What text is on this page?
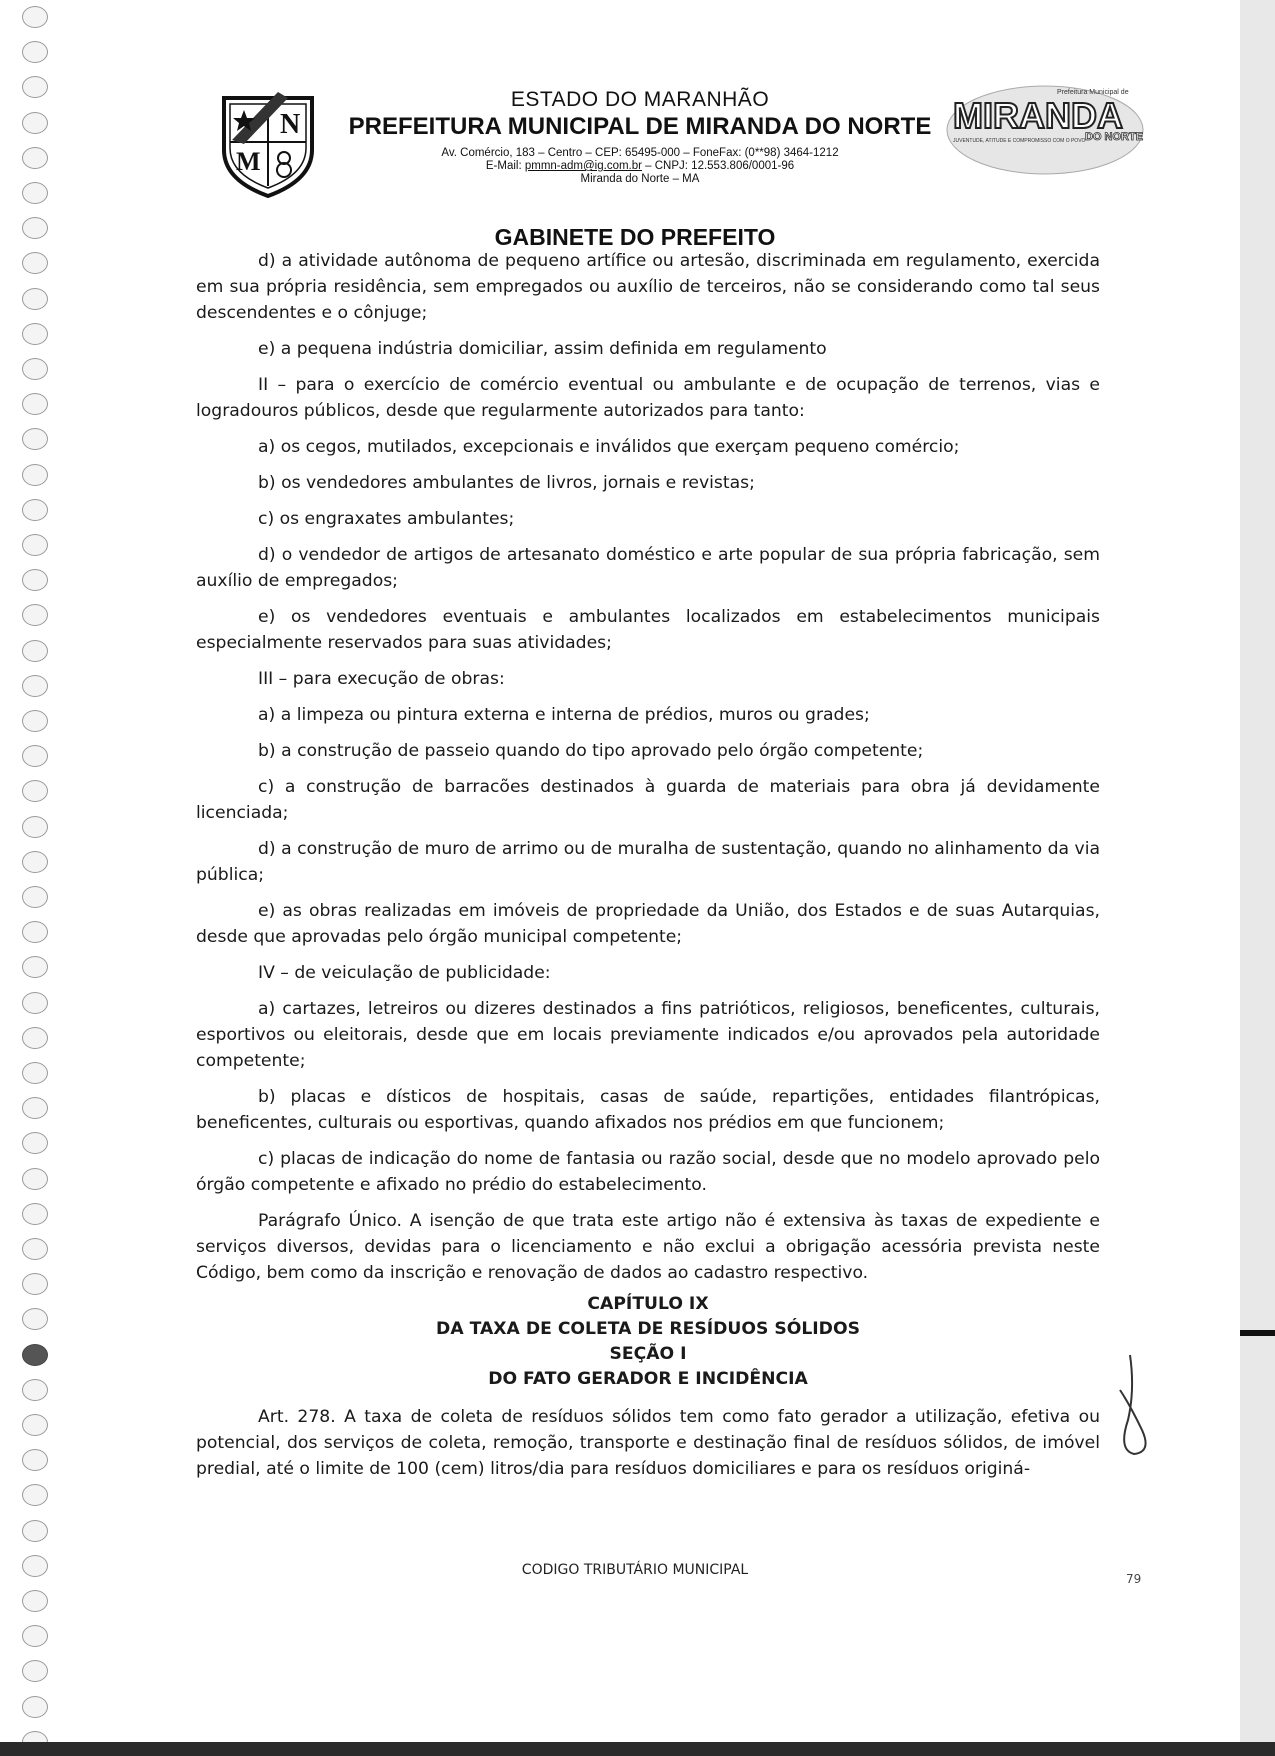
N
M
ESTADO DO MARANHÃO
PREFEITURA MUNICIPAL DE MIRANDA DO NORTE
Av. Comércio, 183 – Centro – CEP: 65495-000 – FoneFax: (0**98) 3464-1212
E-Mail: pmmn-adm@ig.com.br – CNPJ: 12.553.806/0001-96
Miranda do Norte – MA
Prefeitura Municipal de
MIRANDA
DO NORTE
JUVENTUDE, ATITUDE E COMPROMISSO COM O POVO
GABINETE DO PREFEITO

d) a atividade autônoma de pequeno artífice ou artesão, discriminada em regulamento, exercida em sua própria residência, sem empregados ou auxílio de terceiros, não se considerando como tal seus descendentes e o cônjuge;

e) a pequena indústria domiciliar, assim definida em regulamento

II – para o exercício de comércio eventual ou ambulante e de ocupação de terrenos, vias e logradouros públicos, desde que regularmente autorizados para tanto:

a) os cegos, mutilados, excepcionais e inválidos que exerçam pequeno comércio;

b) os vendedores ambulantes de livros, jornais e revistas;

c) os engraxates ambulantes;

d) o vendedor de artigos de artesanato doméstico e arte popular de sua própria fabricação, sem auxílio de empregados;

e) os vendedores eventuais e ambulantes localizados em estabelecimentos municipais especialmente reservados para suas atividades;

III – para execução de obras:

a) a limpeza ou pintura externa e interna de prédios, muros ou grades;

b) a construção de passeio quando do tipo aprovado pelo órgão competente;

c) a construção de barracões destinados à guarda de materiais para obra já devidamente licenciada;

d) a construção de muro de arrimo ou de muralha de sustentação, quando no alinhamento da via pública;

e) as obras realizadas em imóveis de propriedade da União, dos Estados e de suas Autarquias, desde que aprovadas pelo órgão municipal competente;

IV – de veiculação de publicidade:

a) cartazes, letreiros ou dizeres destinados a fins patrióticos, religiosos, beneficentes, culturais, esportivos ou eleitorais, desde que em locais previamente indicados e/ou aprovados pela autoridade competente;

b) placas e dísticos de hospitais, casas de saúde, repartições, entidades filantrópicas, beneficentes, culturais ou esportivas, quando afixados nos prédios em que funcionem;

c) placas de indicação do nome de fantasia ou razão social, desde que no modelo aprovado pelo órgão competente e afixado no prédio do estabelecimento.

Parágrafo Único. A isenção de que trata este artigo não é extensiva às taxas de expediente e serviços diversos, devidas para o licenciamento e não exclui a obrigação acessória prevista neste Código, bem como da inscrição e renovação de dados ao cadastro respectivo.

CAPÍTULO IX
DA TAXA DE COLETA DE RESÍDUOS SÓLIDOS
SEÇÃO I
DO FATO GERADOR E INCIDÊNCIA

Art. 278. A taxa de coleta de resíduos sólidos tem como fato gerador a utilização, efetiva ou potencial, dos serviços de coleta, remoção, transporte e destinação final de resíduos sólidos, de imóvel predial, até o limite de 100 (cem) litros/dia para resíduos domiciliares e para os resíduos originá-

CODIGO TRIBUTÁRIO MUNICIPAL
79
